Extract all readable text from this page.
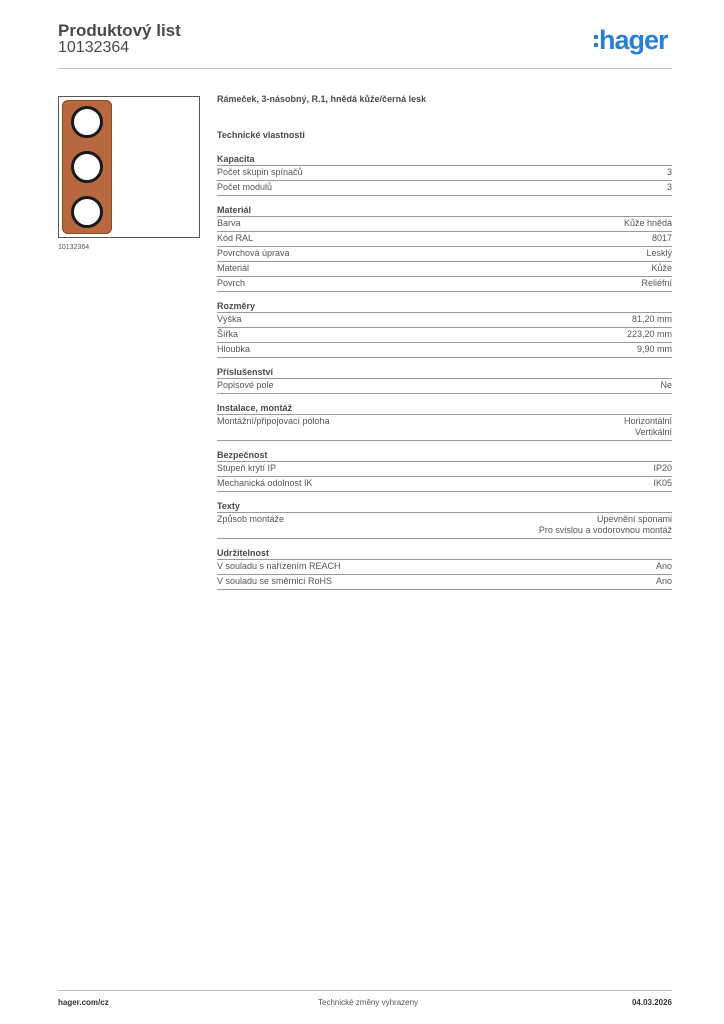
Produktový list
10132364	hager
10132364
Rámeček, 3-násobný, R.1, hnědá kůže/černá lesk
Technické vlastnosti
Kapacita
Počet skupin spínačů	3
Počet modulů	3
Materiál
Barva	Kůže hnědá
Kód RAL	8017
Povrchová úprava	Lesklý
Materiál	Kůže
Povrch	Reliéfní
Rozměry
Výška	81,20 mm
Šířka	223,20 mm
Hloubka	9,90 mm
Příslušenství
Popisové pole	Ne
Instalace, montáž
Montážní/připojovací poloha	Horizontální
Vertikální
Bezpečnost
Stupeň krytí IP	IP20
Mechanická odolnost IK	IK05
Texty
Způsob montáže	Upevnění sponami
Pro svislou a vodorovnou montáž
Udržitelnost
V souladu s nařízením REACH	Ano
V souladu se směrnicí RoHS	Ano
hager.com/cz	Technické změny vyhrazeny	04.03.2026
